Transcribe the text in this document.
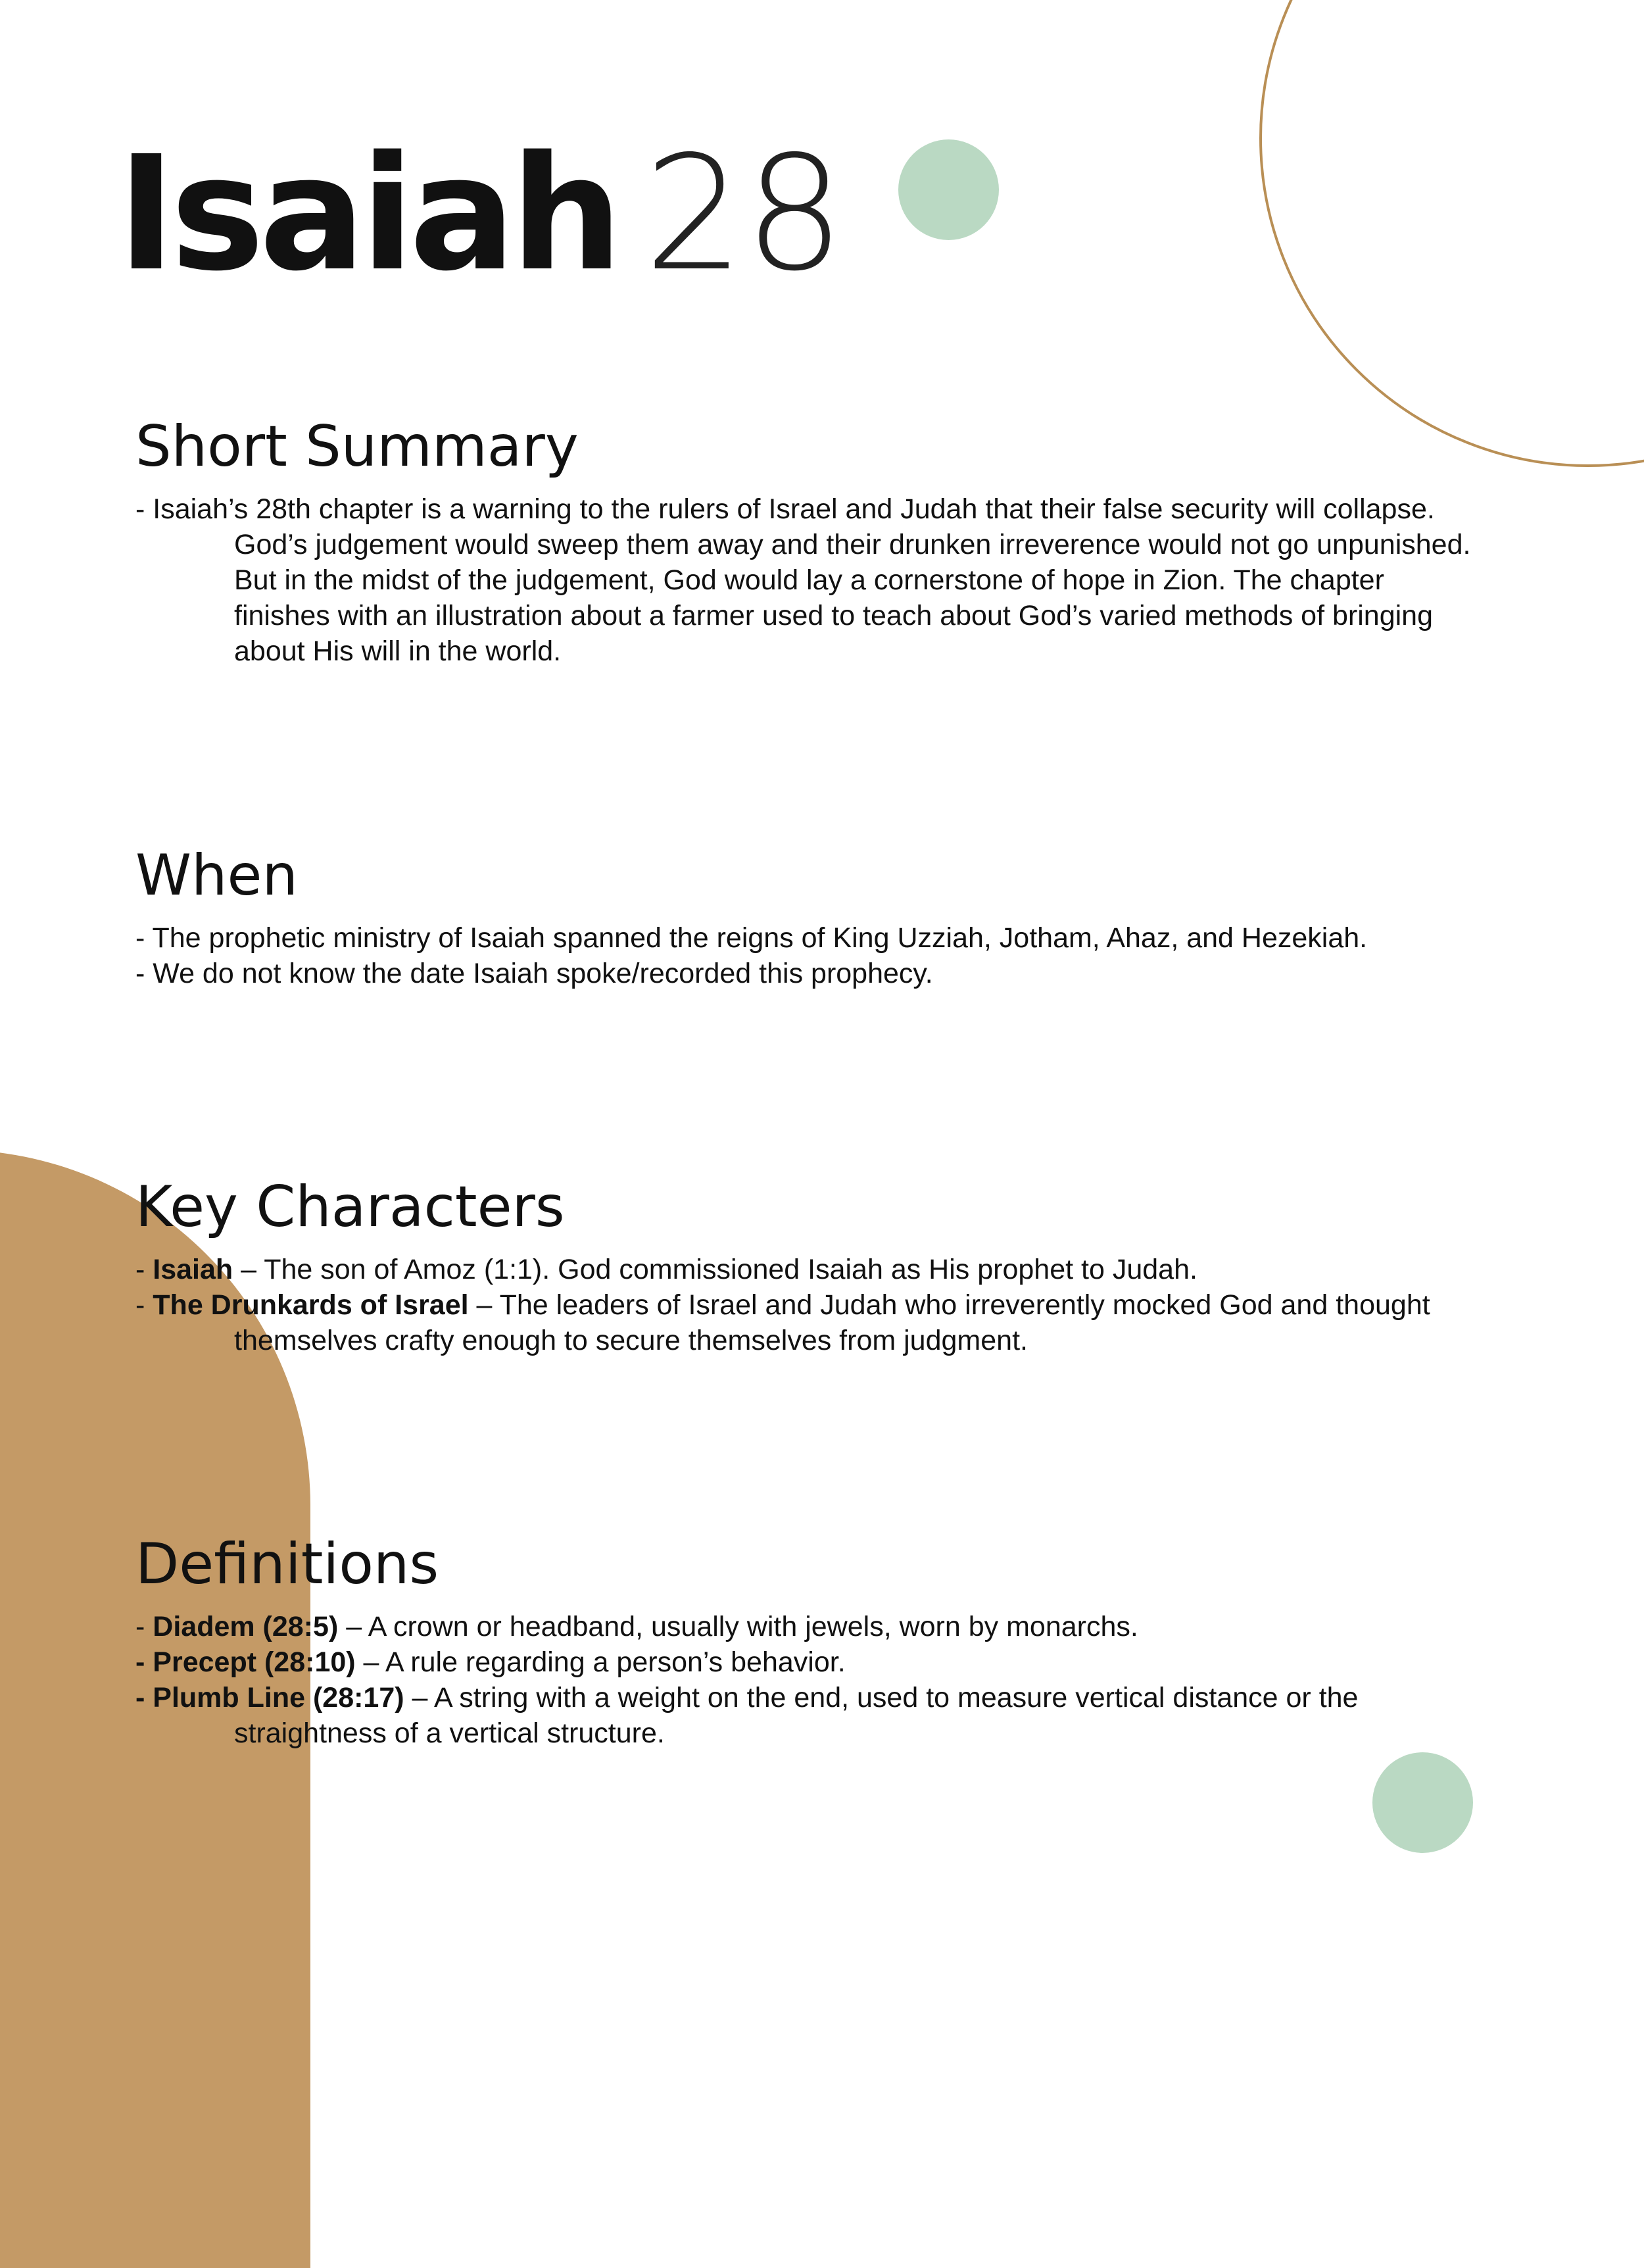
Isaiah 28
Short Summary
- Isaiah’s 28th chapter is a warning to the rulers of Israel and Judah that their false security will collapse.
God’s judgement would sweep them away and their drunken irreverence would not go unpunished.
But in the midst of the judgement, God would lay a cornerstone of hope in Zion. The chapter
finishes with an illustration about a farmer used to teach about God’s varied methods of bringing
about His will in the world.
When
- The prophetic ministry of Isaiah spanned the reigns of King Uzziah, Jotham, Ahaz, and Hezekiah.
- We do not know the date Isaiah spoke/recorded this prophecy.
Key Characters
- Isaiah – The son of Amoz (1:1). God commissioned Isaiah as His prophet to Judah.
- The Drunkards of Israel – The leaders of Israel and Judah who irreverently mocked God and thought
themselves crafty enough to secure themselves from judgment.
Definitions
- Diadem (28:5) – A crown or headband, usually with jewels, worn by monarchs.
- Precept (28:10) – A rule regarding a person’s behavior.
- Plumb Line (28:17) – A string with a weight on the end, used to measure vertical distance or the
straightness of a vertical structure.
